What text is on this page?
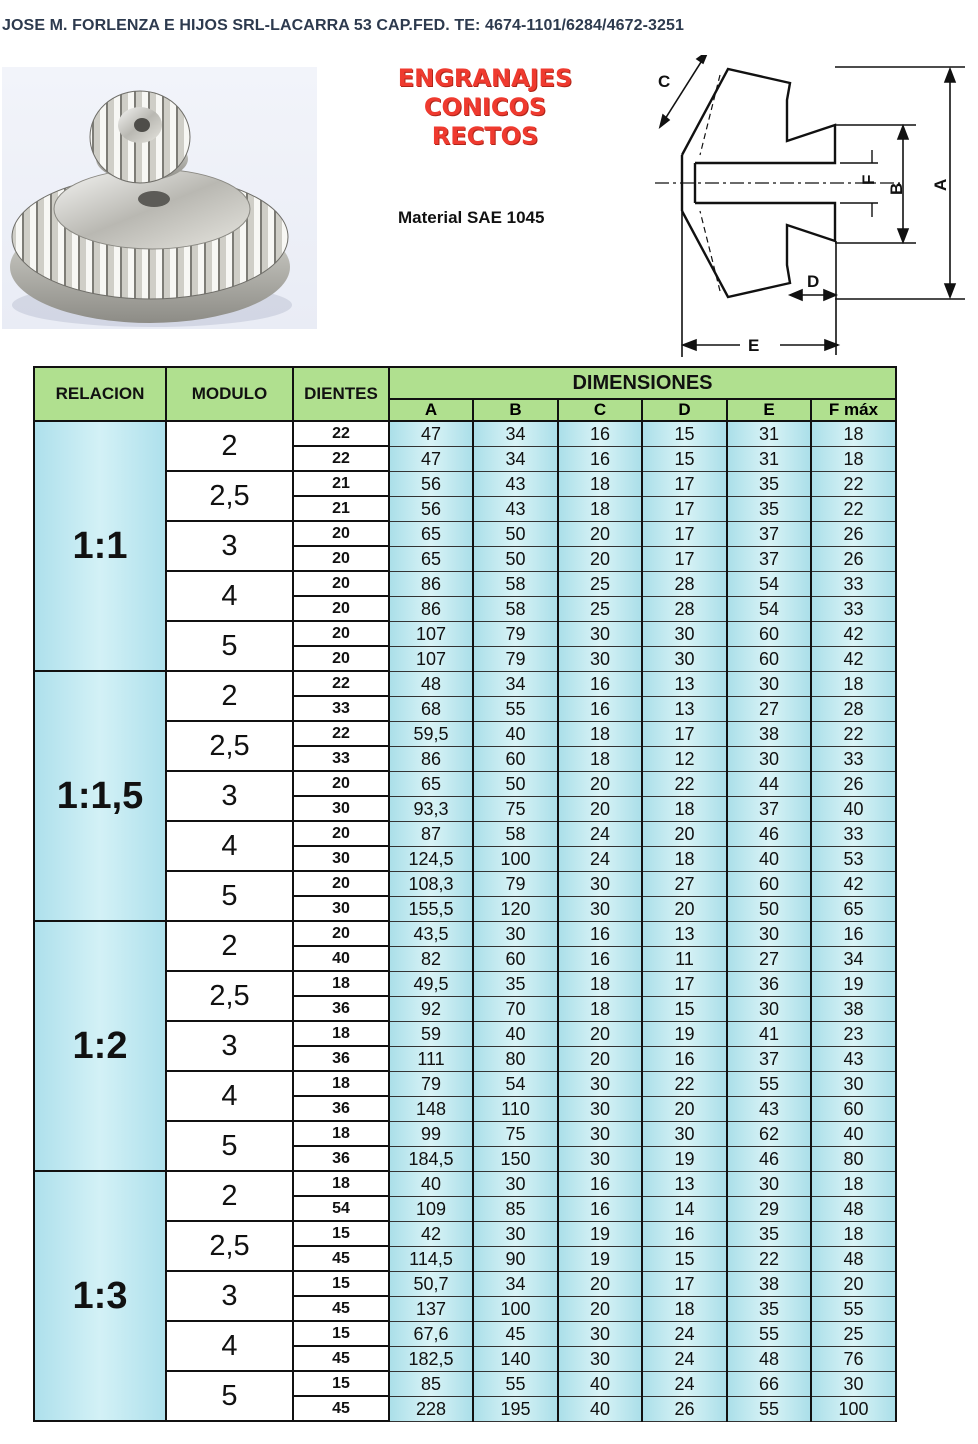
JOSE M. FORLENZA E HIJOS SRL-LACARRA 53 CAP.FED. TE: 4674-1101/6284/4672-3251
ENGRANAJES
CONICOS
RECTOS
Material SAE 1045
C
A
B
F
D
E
RELACION	MODULO	DIENTES	DIMENSIONES					
			A	B	C	D	E	F máx
1:1	2	22	47	34	16	15	31	18
		22	47	34	16	15	31	18
	2,5	21	56	43	18	17	35	22
		21	56	43	18	17	35	22
	3	20	65	50	20	17	37	26
		20	65	50	20	17	37	26
	4	20	86	58	25	28	54	33
		20	86	58	25	28	54	33
	5	20	107	79	30	30	60	42
		20	107	79	30	30	60	42
1:1,5	2	22	48	34	16	13	30	18
		33	68	55	16	13	27	28
	2,5	22	59,5	40	18	17	38	22
		33	86	60	18	12	30	33
	3	20	65	50	20	22	44	26
		30	93,3	75	20	18	37	40
	4	20	87	58	24	20	46	33
		30	124,5	100	24	18	40	53
	5	20	108,3	79	30	27	60	42
		30	155,5	120	30	20	50	65
1:2	2	20	43,5	30	16	13	30	16
		40	82	60	16	11	27	34
	2,5	18	49,5	35	18	17	36	19
		36	92	70	18	15	30	38
	3	18	59	40	20	19	41	23
		36	111	80	20	16	37	43
	4	18	79	54	30	22	55	30
		36	148	110	30	20	43	60
	5	18	99	75	30	30	62	40
		36	184,5	150	30	19	46	80
1:3	2	18	40	30	16	13	30	18
		54	109	85	16	14	29	48
	2,5	15	42	30	19	16	35	18
		45	114,5	90	19	15	22	48
	3	15	50,7	34	20	17	38	20
		45	137	100	20	18	35	55
	4	15	67,6	45	30	24	55	25
		45	182,5	140	30	24	48	76
	5	15	85	55	40	24	66	30
		45	228	195	40	26	55	100
